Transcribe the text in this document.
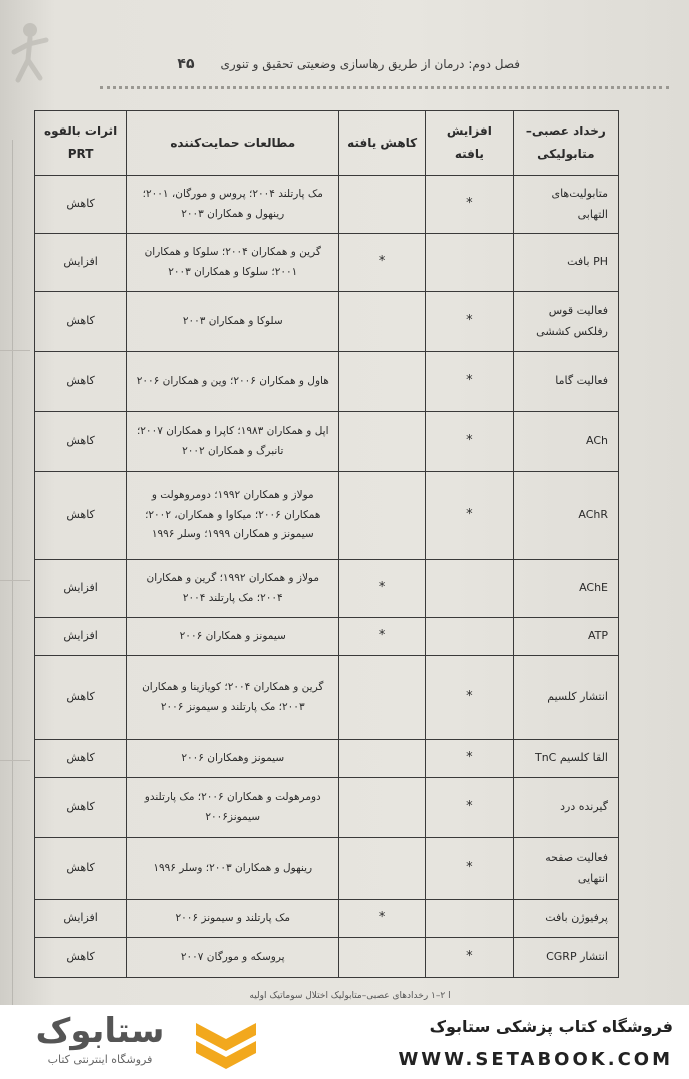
فصل دوم: درمان از طریق رهاسازی وضعیتی تحقیق و تنوری
۴۵
رخداد عصبی– متابولیکی	افزایش یافته	کاهش یافته	مطالعات حمایت‌کننده	اثرات بالقوه PRT
متابولیت‌های التهابی	*		مک پارتلند ۲۰۰۴؛ پروس و مورگان، ۲۰۰۱؛ رینهول و همکاران ۲۰۰۳	کاهش
PH بافت		*	گرین و همکاران ۲۰۰۴؛ سلوکا و همکاران ۲۰۰۱؛ سلوکا و همکاران ۲۰۰۳	افزایش
فعالیت قوس رفلکس کششی	*		سلوکا و همکاران ۲۰۰۳	کاهش
فعالیت گاما	*		هاول و همکاران ۲۰۰۶؛ وین و همکاران ۲۰۰۶	کاهش
ACh	*		اپل و همکاران ۱۹۸۳؛ کاپرا و همکاران ۲۰۰۷؛ تانبرگ و همکاران ۲۰۰۲	کاهش
AChR	*		مولاز و همکاران ۱۹۹۲؛ دومروهولت و همکاران ۲۰۰۶؛ میکاوا و همکاران، ۲۰۰۲؛ سیمونز و همکاران ۱۹۹۹؛ وسلر ۱۹۹۶	کاهش
AChE		*	مولاز و همکاران ۱۹۹۲؛ گرین و همکاران ۲۰۰۴؛ مک پارتلند ۲۰۰۴	افزایش
ATP		*	سیمونز و همکاران ۲۰۰۶	افزایش
انتشار کلسیم	*		گرین و همکاران ۲۰۰۴؛ کویازینا و همکاران ۲۰۰۳؛ مک پارتلند و سیمونز ۲۰۰۶	کاهش
القا کلسیم TnC	*		سیمونز وهمکاران ۲۰۰۶	کاهش
گیرنده درد	*		دومرهولت و همکاران ۲۰۰۶؛ مک پارتلندو سیمونز۲۰۰۶	کاهش
فعالیت صفحه انتهایی	*		رینهول و همکاران ۲۰۰۳؛ وسلر ۱۹۹۶	کاهش
پرفیوژن بافت		*	مک پارتلند و سیمونز ۲۰۰۶	افزایش
انتشار CGRP	*		پروسکه و مورگان ۲۰۰۷	کاهش
ا ۲–۱ رخدادهای عصبی–متابولیک اختلال سوماتیک اولیه
ستابوک
فروشگاه اینترنتی کتاب
فروشگاه کتاب پزشکی ستابوک
WWW.SETABOOK.COM
